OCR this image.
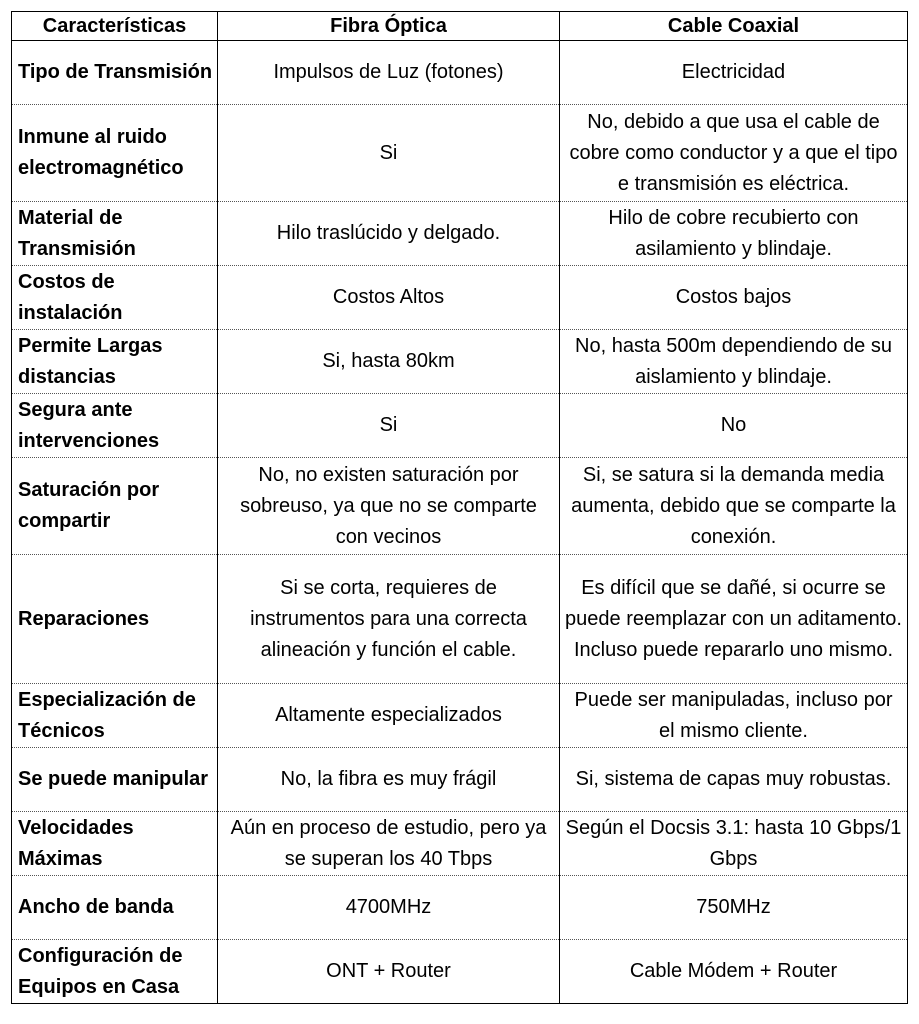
Características	Fibra Óptica	Cable Coaxial
Tipo de Transmisión	Impulsos de Luz (fotones)	Electricidad
Inmune al ruido electromagnético	Si	No, debido a que usa el cable de cobre como conductor y a que el tipo e transmisión es eléctrica.
Material de Transmisión	Hilo traslúcido y delgado.	Hilo de cobre recubierto con asilamiento y blindaje.
Costos de instalación	Costos Altos	Costos bajos
Permite Largas distancias	Si, hasta 80km	No, hasta 500m dependiendo de su aislamiento y blindaje.
Segura ante intervenciones	Si	No
Saturación por compartir	No, no existen saturación por sobreuso, ya que no se comparte con vecinos	Si, se satura si la demanda media aumenta, debido que se comparte la conexión.
Reparaciones	Si se corta, requieres de instrumentos para una correcta alineación y función el cable.	Es difícil que se dañé, si ocurre se puede reemplazar con un aditamento. Incluso puede repararlo uno mismo.
Especialización de Técnicos	Altamente especializados	Puede ser manipuladas, incluso por el mismo cliente.
Se puede manipular	No, la fibra es muy frágil	Si, sistema de capas muy robustas.
Velocidades Máximas	Aún en proceso de estudio, pero ya se superan los 40 Tbps	Según el Docsis 3.1: hasta 10 Gbps/1 Gbps
Ancho de banda	4700MHz	750MHz
Configuración de Equipos en Casa	ONT + Router	Cable Módem + Router
